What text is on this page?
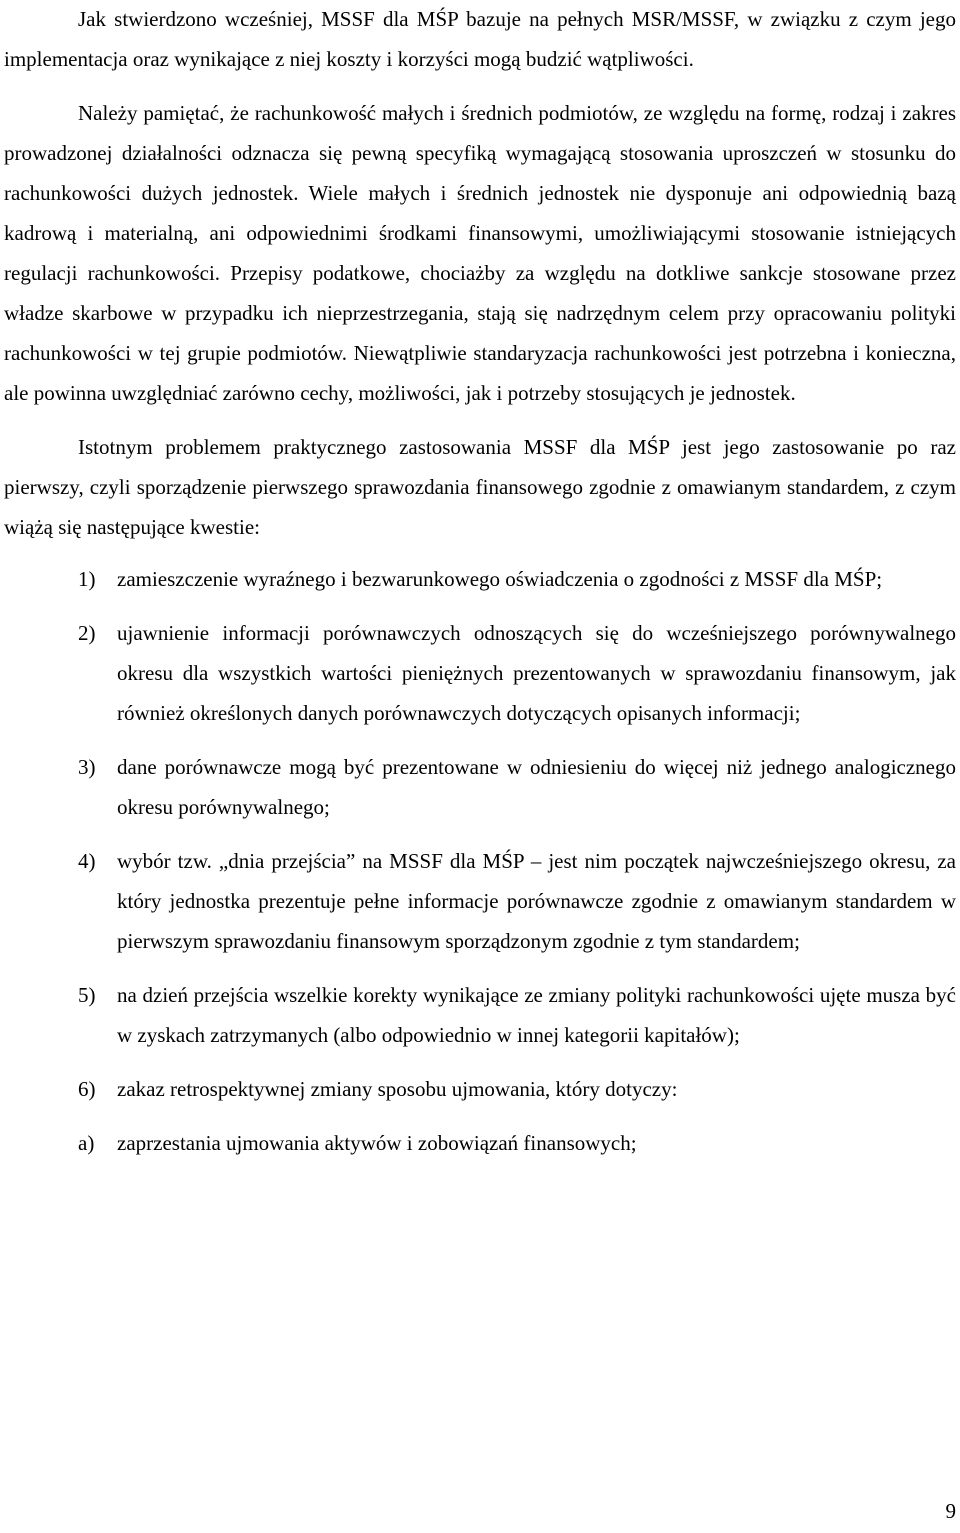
Jak stwierdzono wcześniej, MSSF dla MŚP bazuje na pełnych MSR/MSSF, w związku z czym jego implementacja oraz wynikające z niej koszty i korzyści mogą budzić wątpliwości.

Należy pamiętać, że rachunkowość małych i średnich podmiotów, ze względu na formę, rodzaj i zakres prowadzonej działalności odznacza się pewną specyfiką wymagającą stosowania uproszczeń w stosunku do rachunkowości dużych jednostek. Wiele małych i średnich jednostek nie dysponuje ani odpowiednią bazą kadrową i materialną, ani odpowiednimi środkami finansowymi, umożliwiającymi stosowanie istniejących regulacji rachunkowości. Przepisy podatkowe, chociażby za względu na dotkliwe sankcje stosowane przez władze skarbowe w przypadku ich nieprzestrzegania, stają się nadrzędnym celem przy opracowaniu polityki rachunkowości w tej grupie podmiotów. Niewątpliwie standaryzacja rachunkowości jest potrzebna i konieczna, ale powinna uwzględniać zarówno cechy, możliwości, jak i potrzeby stosujących je jednostek.

Istotnym problemem praktycznego zastosowania MSSF dla MŚP jest jego zastosowanie po raz pierwszy, czyli sporządzenie pierwszego sprawozdania finansowego zgodnie z omawianym standardem, z czym wiążą się następujące kwestie:

1) zamieszczenie wyraźnego i bezwarunkowego oświadczenia o zgodności z MSSF dla MŚP;
2) ujawnienie informacji porównawczych odnoszących się do wcześniejszego porównywalnego okresu dla wszystkich wartości pieniężnych prezentowanych w sprawozdaniu finansowym, jak również określonych danych porównawczych dotyczących opisanych informacji;
3) dane porównawcze mogą być prezentowane w odniesieniu do więcej niż jednego analogicznego okresu porównywalnego;
4) wybór tzw. „dnia przejścia” na MSSF dla MŚP – jest nim początek najwcześniejszego okresu, za który jednostka prezentuje pełne informacje porównawcze zgodnie z omawianym standardem w pierwszym sprawozdaniu finansowym sporządzonym zgodnie z tym standardem;
5) na dzień przejścia wszelkie korekty wynikające ze zmiany polityki rachunkowości ujęte musza być w zyskach zatrzymanych (albo odpowiednio w innej kategorii kapitałów);
6) zakaz retrospektywnej zmiany sposobu ujmowania, który dotyczy:
a) zaprzestania ujmowania aktywów i zobowiązań finansowych;
9
